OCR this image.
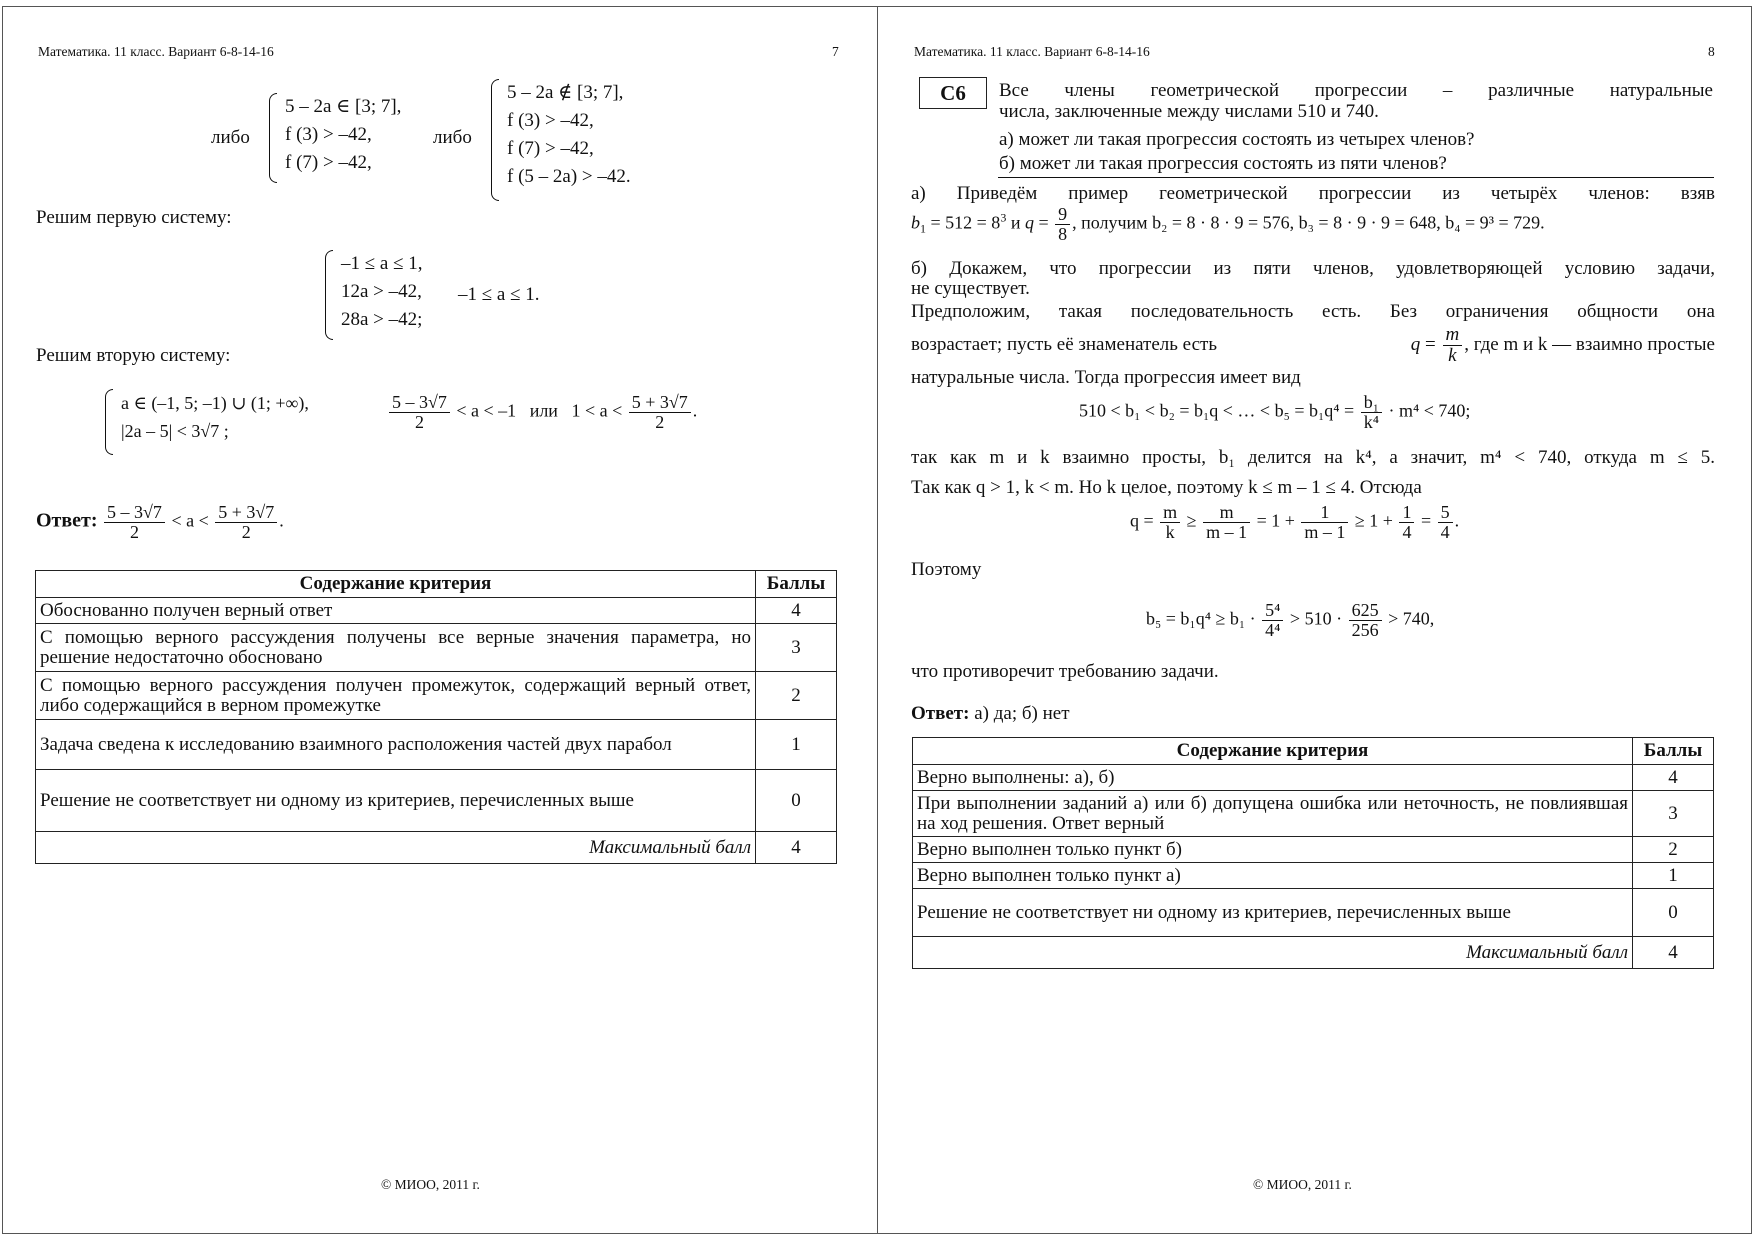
Математика. 11 класс. Вариант 6-8-14-16	7
либо
5 – 2a ∈ [3; 7],
f (3) > –42,
f (7) > –42,
либо
5 – 2a ∉ [3; 7],
f (3) > –42,
f (7) > –42,
f (5 – 2a) > –42.
Решим первую систему:
–1 ≤ a ≤ 1,
12a > –42,
28a > –42;
–1 ≤ a ≤ 1.
Решим вторую систему:
a ∈ (–1, 5; –1) ∪ (1; +∞),
|2a – 5| < 3√7 ;	$\frac{5 - 3√7}{2} < a < -1$ или $1 < a < \frac{5 + 3√7}{2}$ .
Ответ: $\frac{5 - 3√7}{2} < a < \frac{5 + 3√7}{2}$ .
Содержание критерия	Баллы
Обоснованно получен верный ответ	4
С помощью верного рассуждения получены все верные значения параметра, но решение недостаточно обосновано	3
С помощью верного рассуждения получен промежуток, содержащий верный ответ, либо содержащийся в верном промежутке	2
Задача сведена к исследованию взаимного расположения частей двух парабол	1
Решение не соответствует ни одному из критериев, перечисленных выше	0
Максимальный балл	4
© МИОО, 2011 г.
Математика. 11 класс. Вариант 6-8-14-16	8
C6	Все члены геометрической прогрессии – различные натуральные
числа, заключенные между числами 510 и 740.
а) может ли такая прогрессия состоять из четырех членов?
б) может ли такая прогрессия состоять из пяти членов?
а) Приведём пример геометрической прогрессии из четырёх членов: взяв
$b_1 = 512 = 8^3$ и $q = \frac{9}{8}$ , получим b₂ = 8 · 8 · 9 = 576, b₃ = 8 · 9 · 9 = 648, b₄ = 9³ = 729.
б) Докажем, что прогрессии из пяти членов, удовлетворяющей условию задачи,
не существует.
Предположим, такая последовательность есть. Без ограничения общности она
возрастает; пусть её знаменатель есть	$q = \frac{m}{k}$ , где m и k — взаимно простые
натуральные числа. Тогда прогрессия имеет вид
510 < b₁ < b₂ = b₁q < … < $b_5 = b_1q^4 = \frac{\text{b₁}}{\text{k⁴}} \cdot m^4 < 740$;
так как m и k взаимно просты, b₁ делится на k⁴, а значит, m⁴ < 740, откуда m ≤ 5.
Так как q > 1, k < m. Но k целое, поэтому k ≤ m – 1 ≤ 4. Отсюда
$q = \frac{m}{k} \ge \frac{m}{m - 1} = 1 + \frac{1}{m - 1} \ge 1 + \frac{1}{4} = \frac{5}{4}$ .
Поэтому
$b_5 = b_1q^4 \ge b_1 \cdot \frac{\text{5⁴}}{\text{4⁴}} > 510 \cdot \frac{625}{256} > 740$,
что противоречит требованию задачи.
Ответ: а) да; б) нет
Содержание критерия	Баллы
Верно выполнены: а), б)	4
При выполнении заданий а) или б) допущена ошибка или неточность, не повлиявшая на ход решения. Ответ верный	3
Верно выполнен только пункт б)	2
Верно выполнен только пункт а)	1
Решение не соответствует ни одному из критериев, перечисленных выше	0
Максимальный балл	4
© МИОО, 2011 г.
